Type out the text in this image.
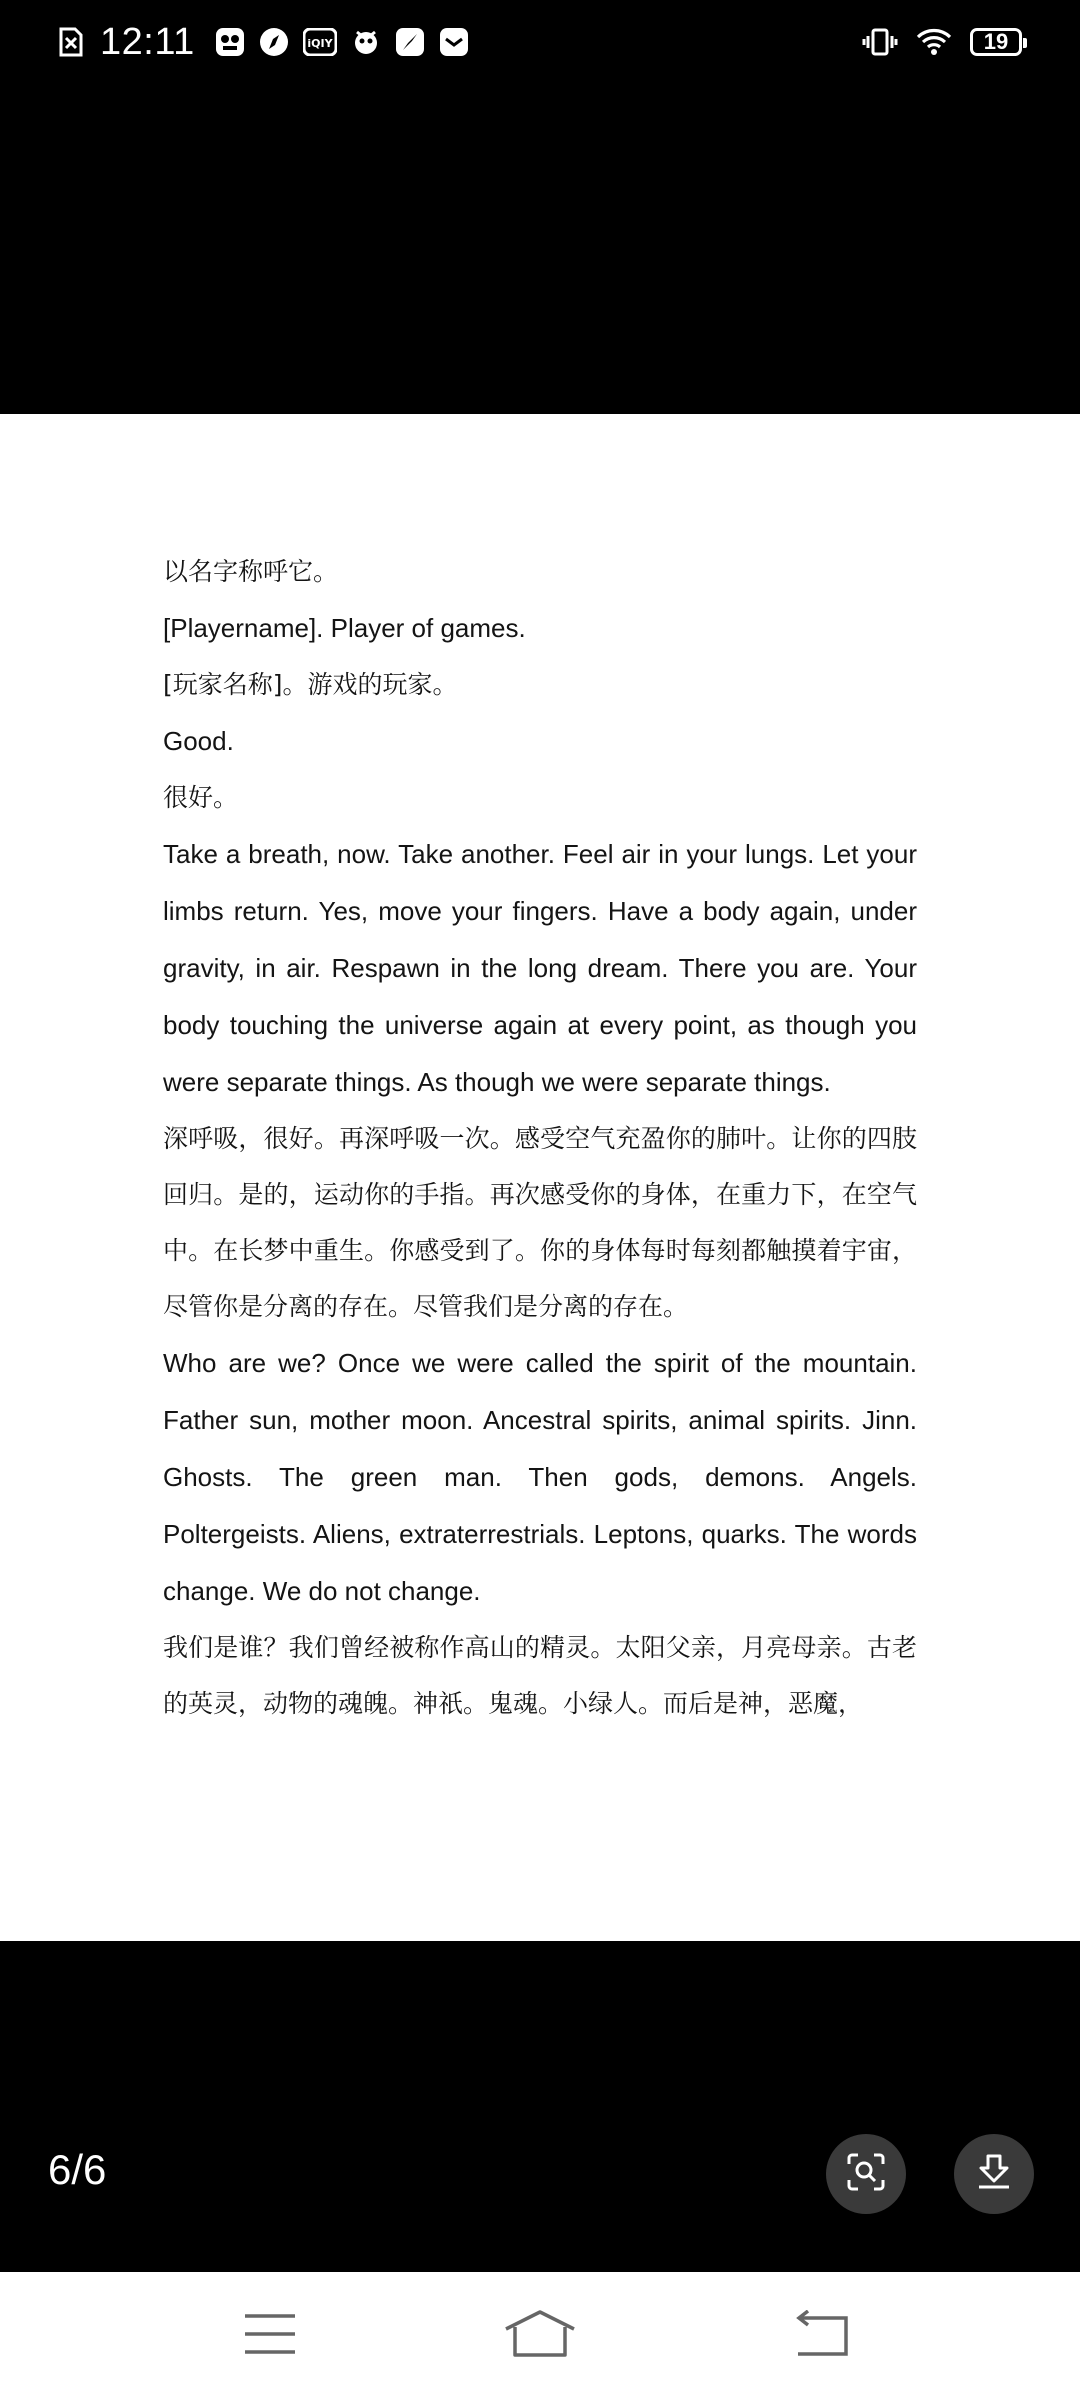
12:11	iQIY	19

以名字称呼它。

[Playername]. Player of games.

[玩家名称]。游戏的玩家。

Good.

很好。

Take a breath, now. Take another. Feel air in your lungs. Let your limbs return. Yes, move your fingers. Have a body again, under gravity, in air. Respawn in the long dream. There you are. Your body touching the universe again at every point, as though you were separate things. As though we were separate things.

深呼吸，很好。再深呼吸一次。感受空气充盈你的肺叶。让你的四肢回归。是的，运动你的手指。再次感受你的身体，在重力下，在空气中。在长梦中重生。你感受到了。你的身体每时每刻都触摸着宇宙，尽管你是分离的存在。尽管我们是分离的存在。

Who are we? Once we were called the spirit of the mountain. Father sun, mother moon. Ancestral spirits, animal spirits. Jinn. Ghosts. The green man. Then gods, demons. Angels. Poltergeists. Aliens, extraterrestrials. Leptons, quarks. The words change. We do not change.

我们是谁？我们曾经被称作高山的精灵。太阳父亲，月亮母亲。古老的英灵，动物的魂魄。神祇。鬼魂。小绿人。而后是神，恶魔，

6/6
